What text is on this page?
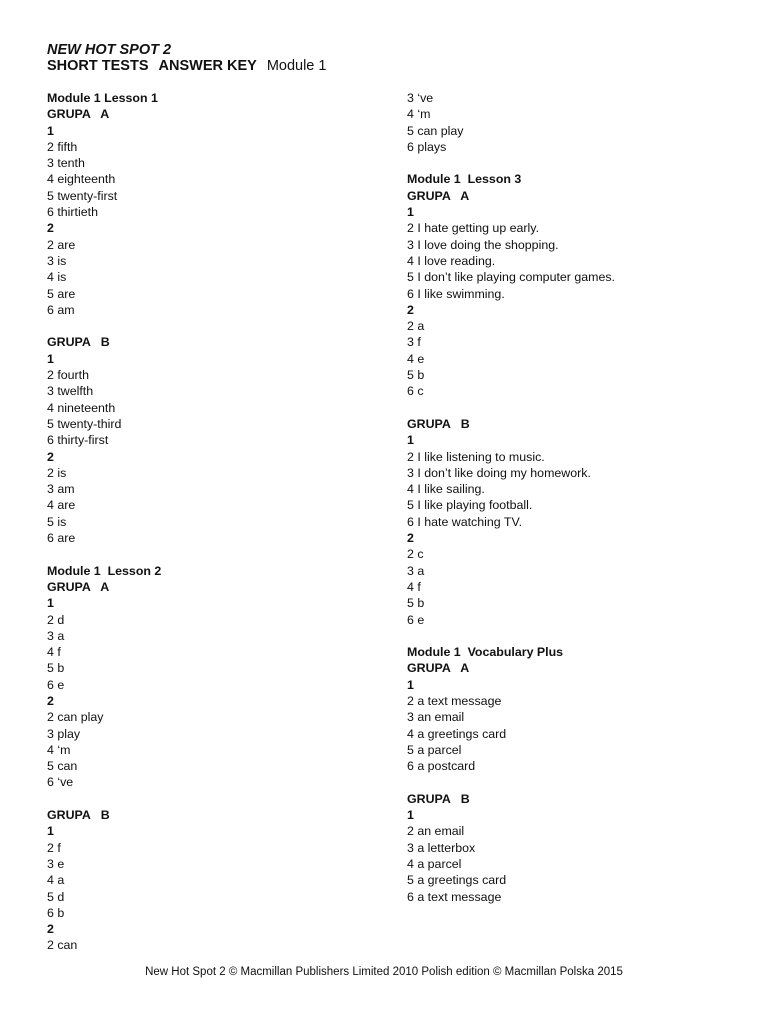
NEW HOT SPOT 2
SHORT TESTS ANSWER KEY Module 1
Module 1 Lesson 1
GRUPA   A
1
2 fifth
3 tenth
4 eighteenth
5 twenty-first
6 thirtieth
2
2 are
3 is
4 is
5 are
6 am
GRUPA   B
1
2 fourth
3 twelfth
4 nineteenth
5 twenty-third
6 thirty-first
2
2 is
3 am
4 are
5 is
6 are
Module 1  Lesson 2
GRUPA   A
1
2 d
3 a
4 f
5 b
6 e
2
2 can play
3 play
4 ‘m
5 can
6 ‘ve
GRUPA   B
1
2 f
3 e
4 a
5 d
6 b
2
2 can
3 ‘ve
4 ‘m
5 can play
6 plays
Module 1  Lesson 3
GRUPA   A
1
2 I hate getting up early.
3 I love doing the shopping.
4 I love reading.
5 I don’t like playing computer games.
6 I like swimming.
2
2 a
3 f
4 e
5 b
6 c
GRUPA   B
1
2 I like listening to music.
3 I don’t like doing my homework.
4 I like sailing.
5 I like playing football.
6 I hate watching TV.
2
2 c
3 a
4 f
5 b
6 e
Module 1  Vocabulary Plus
GRUPA   A
1
2 a text message
3 an email
4 a greetings card
5 a parcel
6 a postcard
GRUPA   B
1
2 an email
3 a letterbox
4 a parcel
5 a greetings card
6 a text message
New Hot Spot 2 © Macmillan Publishers Limited 2010 Polish edition © Macmillan Polska 2015
